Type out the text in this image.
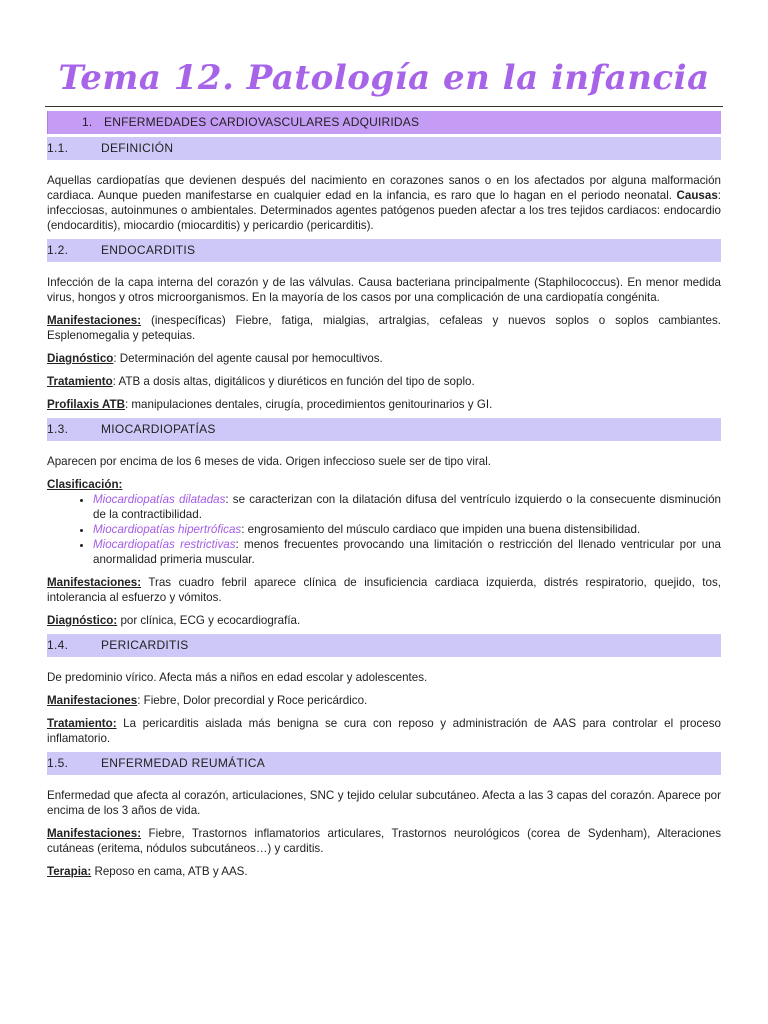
Tema 12. Patología en la infancia
1. ENFERMEDADES CARDIOVASCULARES ADQUIRIDAS
1.1.	DEFINICIÓN

Aquellas cardiopatías que devienen después del nacimiento en corazones sanos o en los afectados por alguna malformación cardiaca. Aunque pueden manifestarse en cualquier edad en la infancia, es raro que lo hagan en el periodo neonatal. Causas: infecciosas, autoinmunes o ambientales. Determinados agentes patógenos pueden afectar a los tres tejidos cardiacos: endocardio (endocarditis), miocardio (miocarditis) y pericardio (pericarditis).

1.2.	ENDOCARDITIS

Infección de la capa interna del corazón y de las válvulas. Causa bacteriana principalmente (Staphilococcus). En menor medida virus, hongos y otros microorganismos. En la mayoría de los casos por una complicación de una cardiopatía congénita.

Manifestaciones: (inespecíficas) Fiebre, fatiga, mialgias, artralgias, cefaleas y nuevos soplos o soplos cambiantes. Esplenomegalia y petequias.

Diagnóstico: Determinación del agente causal por hemocultivos.

Tratamiento: ATB a dosis altas, digitálicos y diuréticos en función del tipo de soplo.

Profilaxis ATB: manipulaciones dentales, cirugía, procedimientos genitourinarios y GI.

1.3.	MIOCARDIOPATÍAS

Aparecen por encima de los 6 meses de vida. Origen infeccioso suele ser de tipo viral.

Clasificación:

• Miocardiopatías dilatadas: se caracterizan con la dilatación difusa del ventrículo izquierdo o la consecuente disminución de la contractibilidad.
• Miocardiopatías hipertróficas: engrosamiento del músculo cardiaco que impiden una buena distensibilidad.
• Miocardiopatías restrictivas: menos frecuentes provocando una limitación o restricción del llenado ventricular por una anormalidad primeria muscular.

Manifestaciones: Tras cuadro febril aparece clínica de insuficiencia cardiaca izquierda, distrés respiratorio, quejido, tos, intolerancia al esfuerzo y vómitos.

Diagnóstico: por clínica, ECG y ecocardiografía.

1.4.	PERICARDITIS

De predominio vírico. Afecta más a niños en edad escolar y adolescentes.

Manifestaciones: Fiebre, Dolor precordial y Roce pericárdico.

Tratamiento: La pericarditis aislada más benigna se cura con reposo y administración de AAS para controlar el proceso inflamatorio.

1.5.	ENFERMEDAD REUMÁTICA

Enfermedad que afecta al corazón, articulaciones, SNC y tejido celular subcutáneo. Afecta a las 3 capas del corazón. Aparece por encima de los 3 años de vida.

Manifestaciones: Fiebre, Trastornos inflamatorios articulares, Trastornos neurológicos (corea de Sydenham), Alteraciones cutáneas (eritema, nódulos subcutáneos…) y carditis.

Terapia: Reposo en cama, ATB y AAS.
